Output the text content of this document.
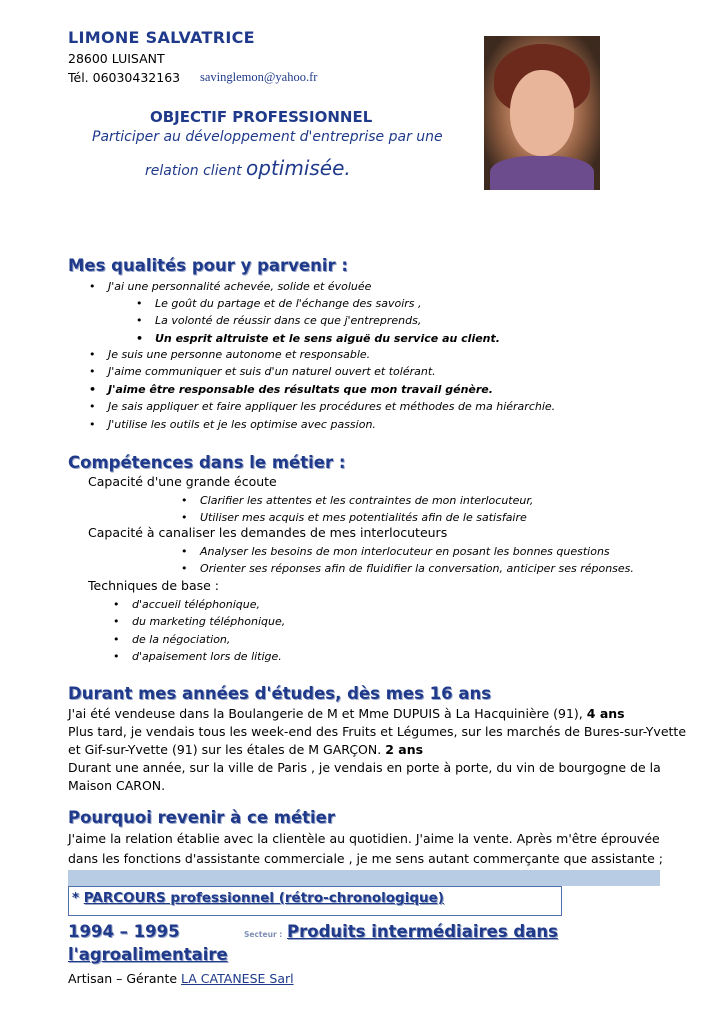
LIMONE SALVATRICE
28600 LUISANT
Tél. 06030432163 savinglemon@yahoo.fr
OBJECTIF PROFESSIONNEL
Participer au développement d'entreprise par une
relation client optimisée.
Mes qualités pour y parvenir :
• J'ai une personnalité achevée, solide et évoluée
• Le goût du partage et de l'échange des savoirs ,
• La volonté de réussir dans ce que j'entreprends,
• Un esprit altruiste et le sens aiguë du service au client.
• Je suis une personne autonome et responsable.
• J'aime communiquer et suis d'un naturel ouvert et tolérant.
• J'aime être responsable des résultats que mon travail génère.
• Je sais appliquer et faire appliquer les procédures et méthodes de ma hiérarchie.
• J'utilise les outils et je les optimise avec passion.
Compétences dans le métier :
Capacité d'une grande écoute
• Clarifier les attentes et les contraintes de mon interlocuteur,
• Utiliser mes acquis et mes potentialités afin de le satisfaire
Capacité à canaliser les demandes de mes interlocuteurs
• Analyser les besoins de mon interlocuteur en posant les bonnes questions
• Orienter ses réponses afin de fluidifier la conversation, anticiper ses réponses.
Techniques de base :
• d'accueil téléphonique,
• du marketing téléphonique,
• de la négociation,
• d'apaisement lors de litige.
Durant mes années d'études, dès mes 16 ans
J'ai été vendeuse dans la Boulangerie de M et Mme DUPUIS à La Hacquinière (91), 4 ans
Plus tard, je vendais tous les week-end des Fruits et Légumes, sur les marchés de Bures-sur-Yvette
et Gif-sur-Yvette (91) sur les étales de M GARÇON. 2 ans
Durant une année, sur la ville de Paris , je vendais en porte à porte, du vin de bourgogne de la
Maison CARON.
Pourquoi revenir à ce métier
J'aime la relation établie avec la clientèle au quotidien. J'aime la vente. Après m'être éprouvée
dans les fonctions d'assistante commerciale , je me sens autant commerçante que assistante ;
* PARCOURS professionnel (rétro-chronologique)
1994 – 1995	Secteur : Produits intermédiaires dans
l'agroalimentaire
Artisan – Gérante LA CATANESE Sarl
